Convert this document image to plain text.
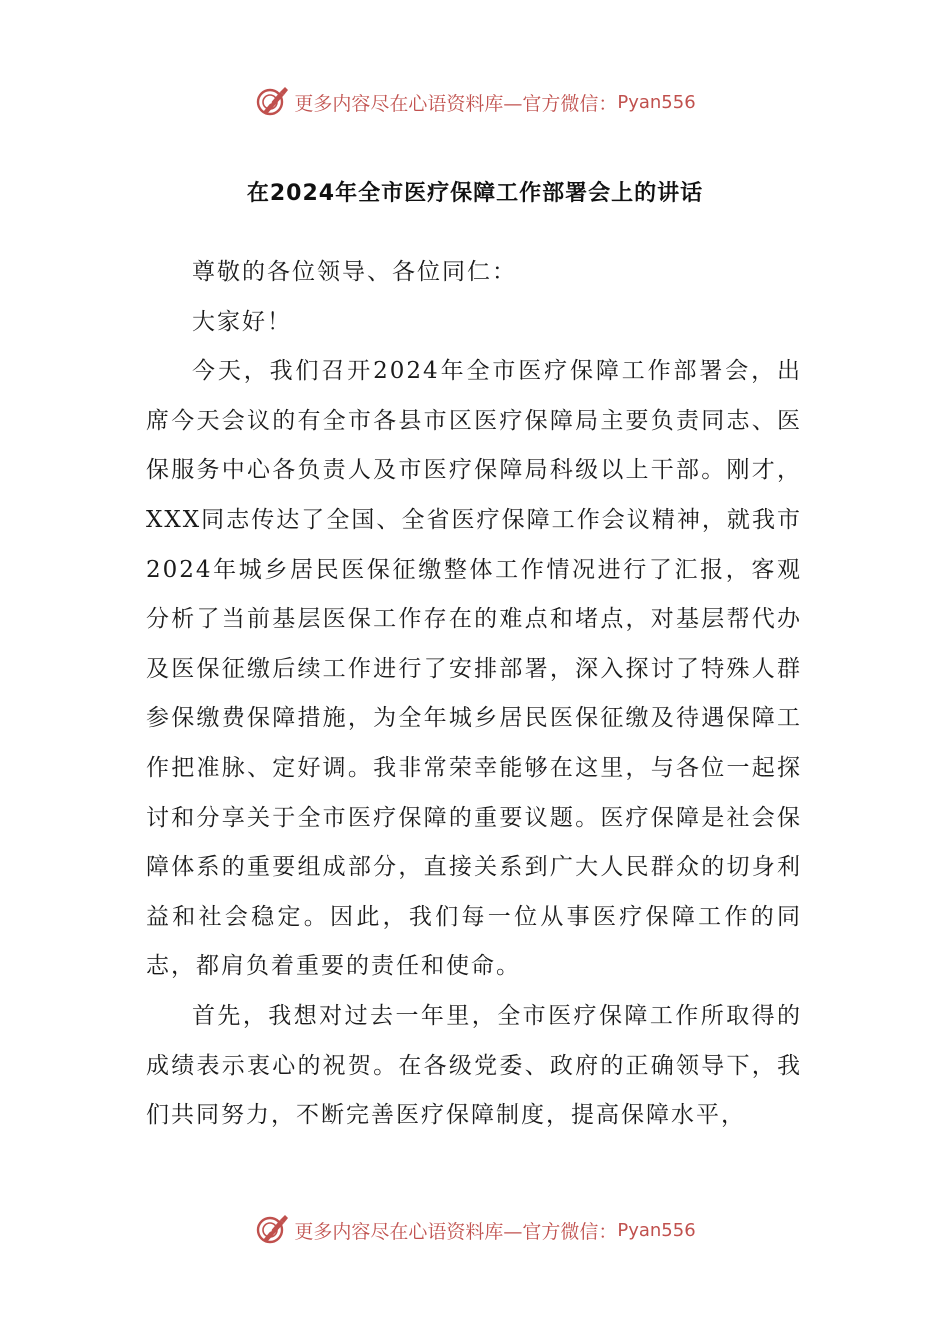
更多内容尽在心语资料库—官方微信： Pyan556
在2024年全市医疗保障工作部署会上的讲话

尊敬的各位领导、各位同仁：

大家好！

今天，我们召开2024年全市医疗保障工作部署会，出席今天会议的有全市各县市区医疗保障局主要负责同志、医保服务中心各负责人及市医疗保障局科级以上干部。刚才，XXX同志传达了全国、全省医疗保障工作会议精神，就我市2024年城乡居民医保征缴整体工作情况进行了汇报，客观分析了当前基层医保工作存在的难点和堵点，对基层帮代办及医保征缴后续工作进行了安排部署，深入探讨了特殊人群参保缴费保障措施，为全年城乡居民医保征缴及待遇保障工作把准脉、定好调。我非常荣幸能够在这里，与各位一起探讨和分享关于全市医疗保障的重要议题。医疗保障是社会保障体系的重要组成部分，直接关系到广大人民群众的切身利益和社会稳定。因此，我们每一位从事医疗保障工作的同志，都肩负着重要的责任和使命。

首先，我想对过去一年里，全市医疗保障工作所取得的成绩表示衷心的祝贺。在各级党委、政府的正确领导下，我们共同努力，不断完善医疗保障制度，提高保障水平，

更多内容尽在心语资料库—官方微信： Pyan556
